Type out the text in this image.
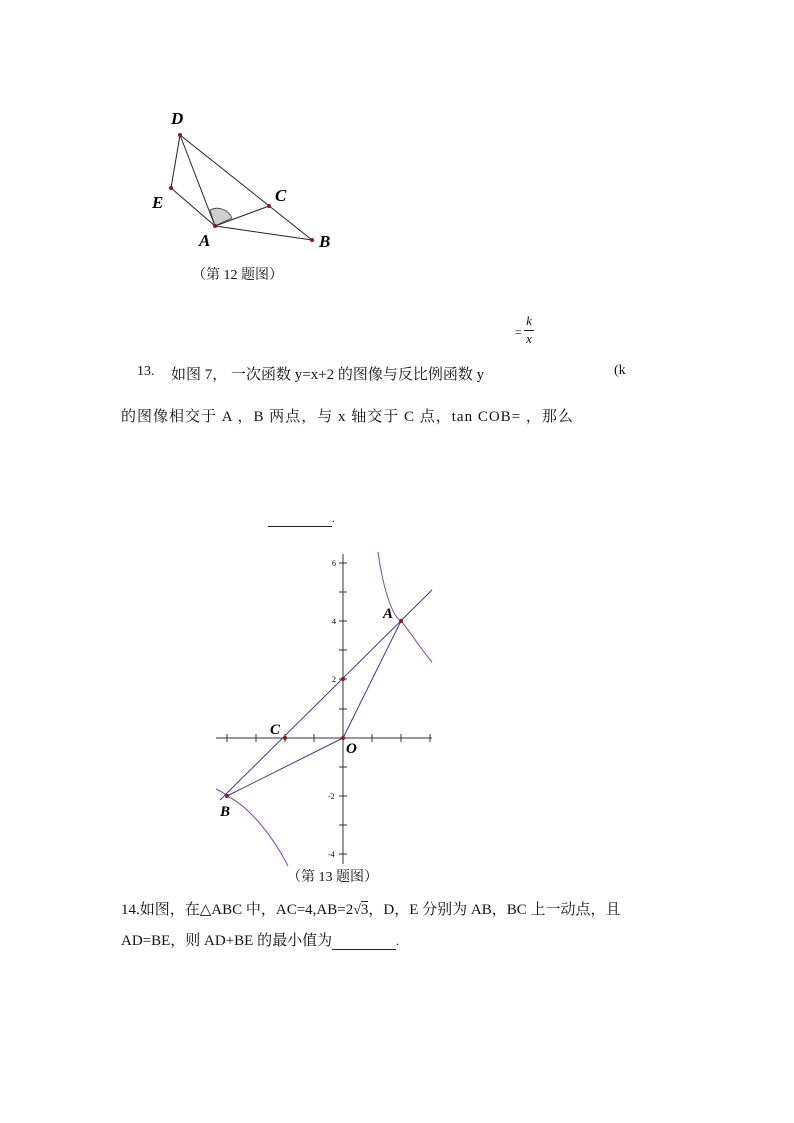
D
E	C
A	B
（第 12 题图）
=
k
x
13. 如图 7， 一次函数 y=x+2 的图像与反比例函数 y	(k
的图像相交于 A ，B 两点，与 x 轴交于 C 点，tan COB= ，那么
.
6
4
2
-2
-4
A
B
C
O
（第 13 题图）
14.如图，在△ABC 中，AC=4,AB=2√3，D，E 分别为 AB，BC 上一动点，且
AD=BE，则 AD+BE 的最小值为	.
